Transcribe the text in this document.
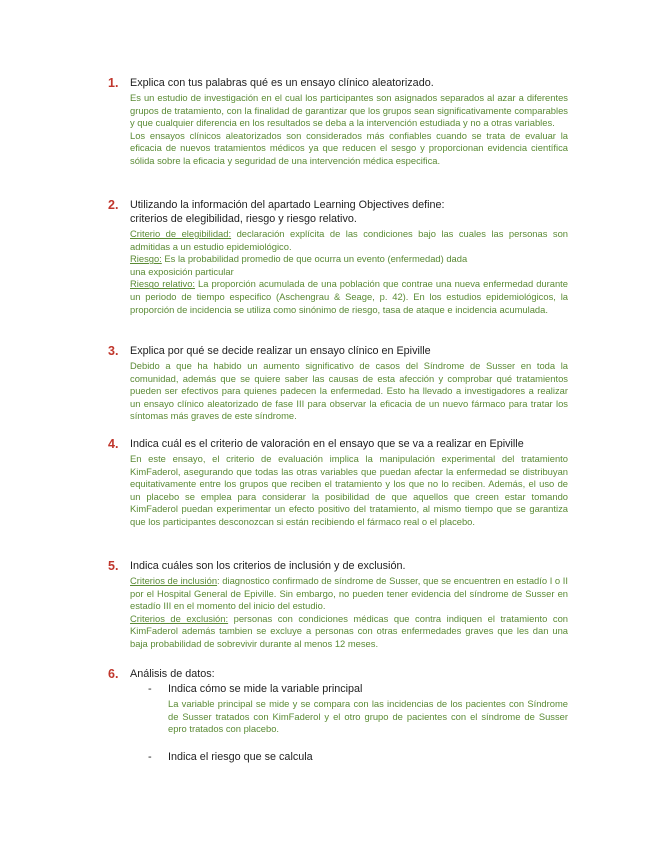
1. Explica con tus palabras qué es un ensayo clínico aleatorizado.

Es un estudio de investigación en el cual los participantes son asignados separados al azar a diferentes grupos de tratamiento, con la finalidad de garantizar que los grupos sean significativamente comparables y que cualquier diferencia en los resultados se deba a la intervención estudiada y no a otras variables.

Los ensayos clínicos aleatorizados son considerados más confiables cuando se trata de evaluar la eficacia de nuevos tratamientos médicos ya que reducen el sesgo y proporcionan evidencia científica sólida sobre la eficacia y seguridad de una intervención médica especifica.

2. Utilizando la información del apartado Learning Objectives define:
criterios de elegibilidad, riesgo y riesgo relativo.

Criterio de elegibilidad: declaración explícita de las condiciones bajo las cuales las personas son admitidas a un estudio epidemiológico.

Riesgo: Es la probabilidad promedio de que ocurra un evento (enfermedad) dada

una exposición particular

Riesgo relativo: La proporción acumulada de una población que contrae una nueva enfermedad durante un periodo de tiempo especifico (Aschengrau & Seage, p. 42). En los estudios epidemiológicos, la proporción de incidencia se utiliza como sinónimo de riesgo, tasa de ataque e incidencia acumulada.

3. Explica por qué se decide realizar un ensayo clínico en Epiville

Debido a que ha habido un aumento significativo de casos del Síndrome de Susser en toda la comunidad, además que se quiere saber las causas de esta afección y comprobar qué tratamientos pueden ser efectivos para quienes padecen la enfermedad. Esto ha llevado a investigadores a realizar un ensayo clínico aleatorizado de fase III para observar la eficacia de un nuevo fármaco para tratar los síntomas más graves de este síndrome.

4. Indica cuál es el criterio de valoración en el ensayo que se va a realizar en Epiville

En este ensayo, el criterio de evaluación implica la manipulación experimental del tratamiento KimFaderol, asegurando que todas las otras variables que puedan afectar la enfermedad se distribuyan equitativamente entre los grupos que reciben el tratamiento y los que no lo reciben. Además, el uso de un placebo se emplea para considerar la posibilidad de que aquellos que creen estar tomando KimFaderol puedan experimentar un efecto positivo del tratamiento, al mismo tiempo que se garantiza que los participantes desconozcan si están recibiendo el fármaco real o el placebo.

5. Indica cuáles son los criterios de inclusión y de exclusión.

Criterios de inclusión: diagnostico confirmado de síndrome de Susser, que se encuentren en estadío I o II por el Hospital General de Epiville. Sin embargo, no pueden tener evidencia del síndrome de Susser en estadío III en el momento del inicio del estudio.

Criterios de exclusión: personas con condiciones médicas que contra indiquen el tratamiento con KimFaderol además tambien se excluye a personas con otras enfermedades graves que les dan una baja probabilidad de sobrevivir durante al menos 12 meses.

6. Análisis de datos:
- Indica cómo se mide la variable principal

La variable principal se mide y se compara con las incidencias de los pacientes con Síndrome de Susser tratados con KimFaderol y el otro grupo de pacientes con el síndrome de Susser epro tratados con placebo.

- Indica el riesgo que se calcula
